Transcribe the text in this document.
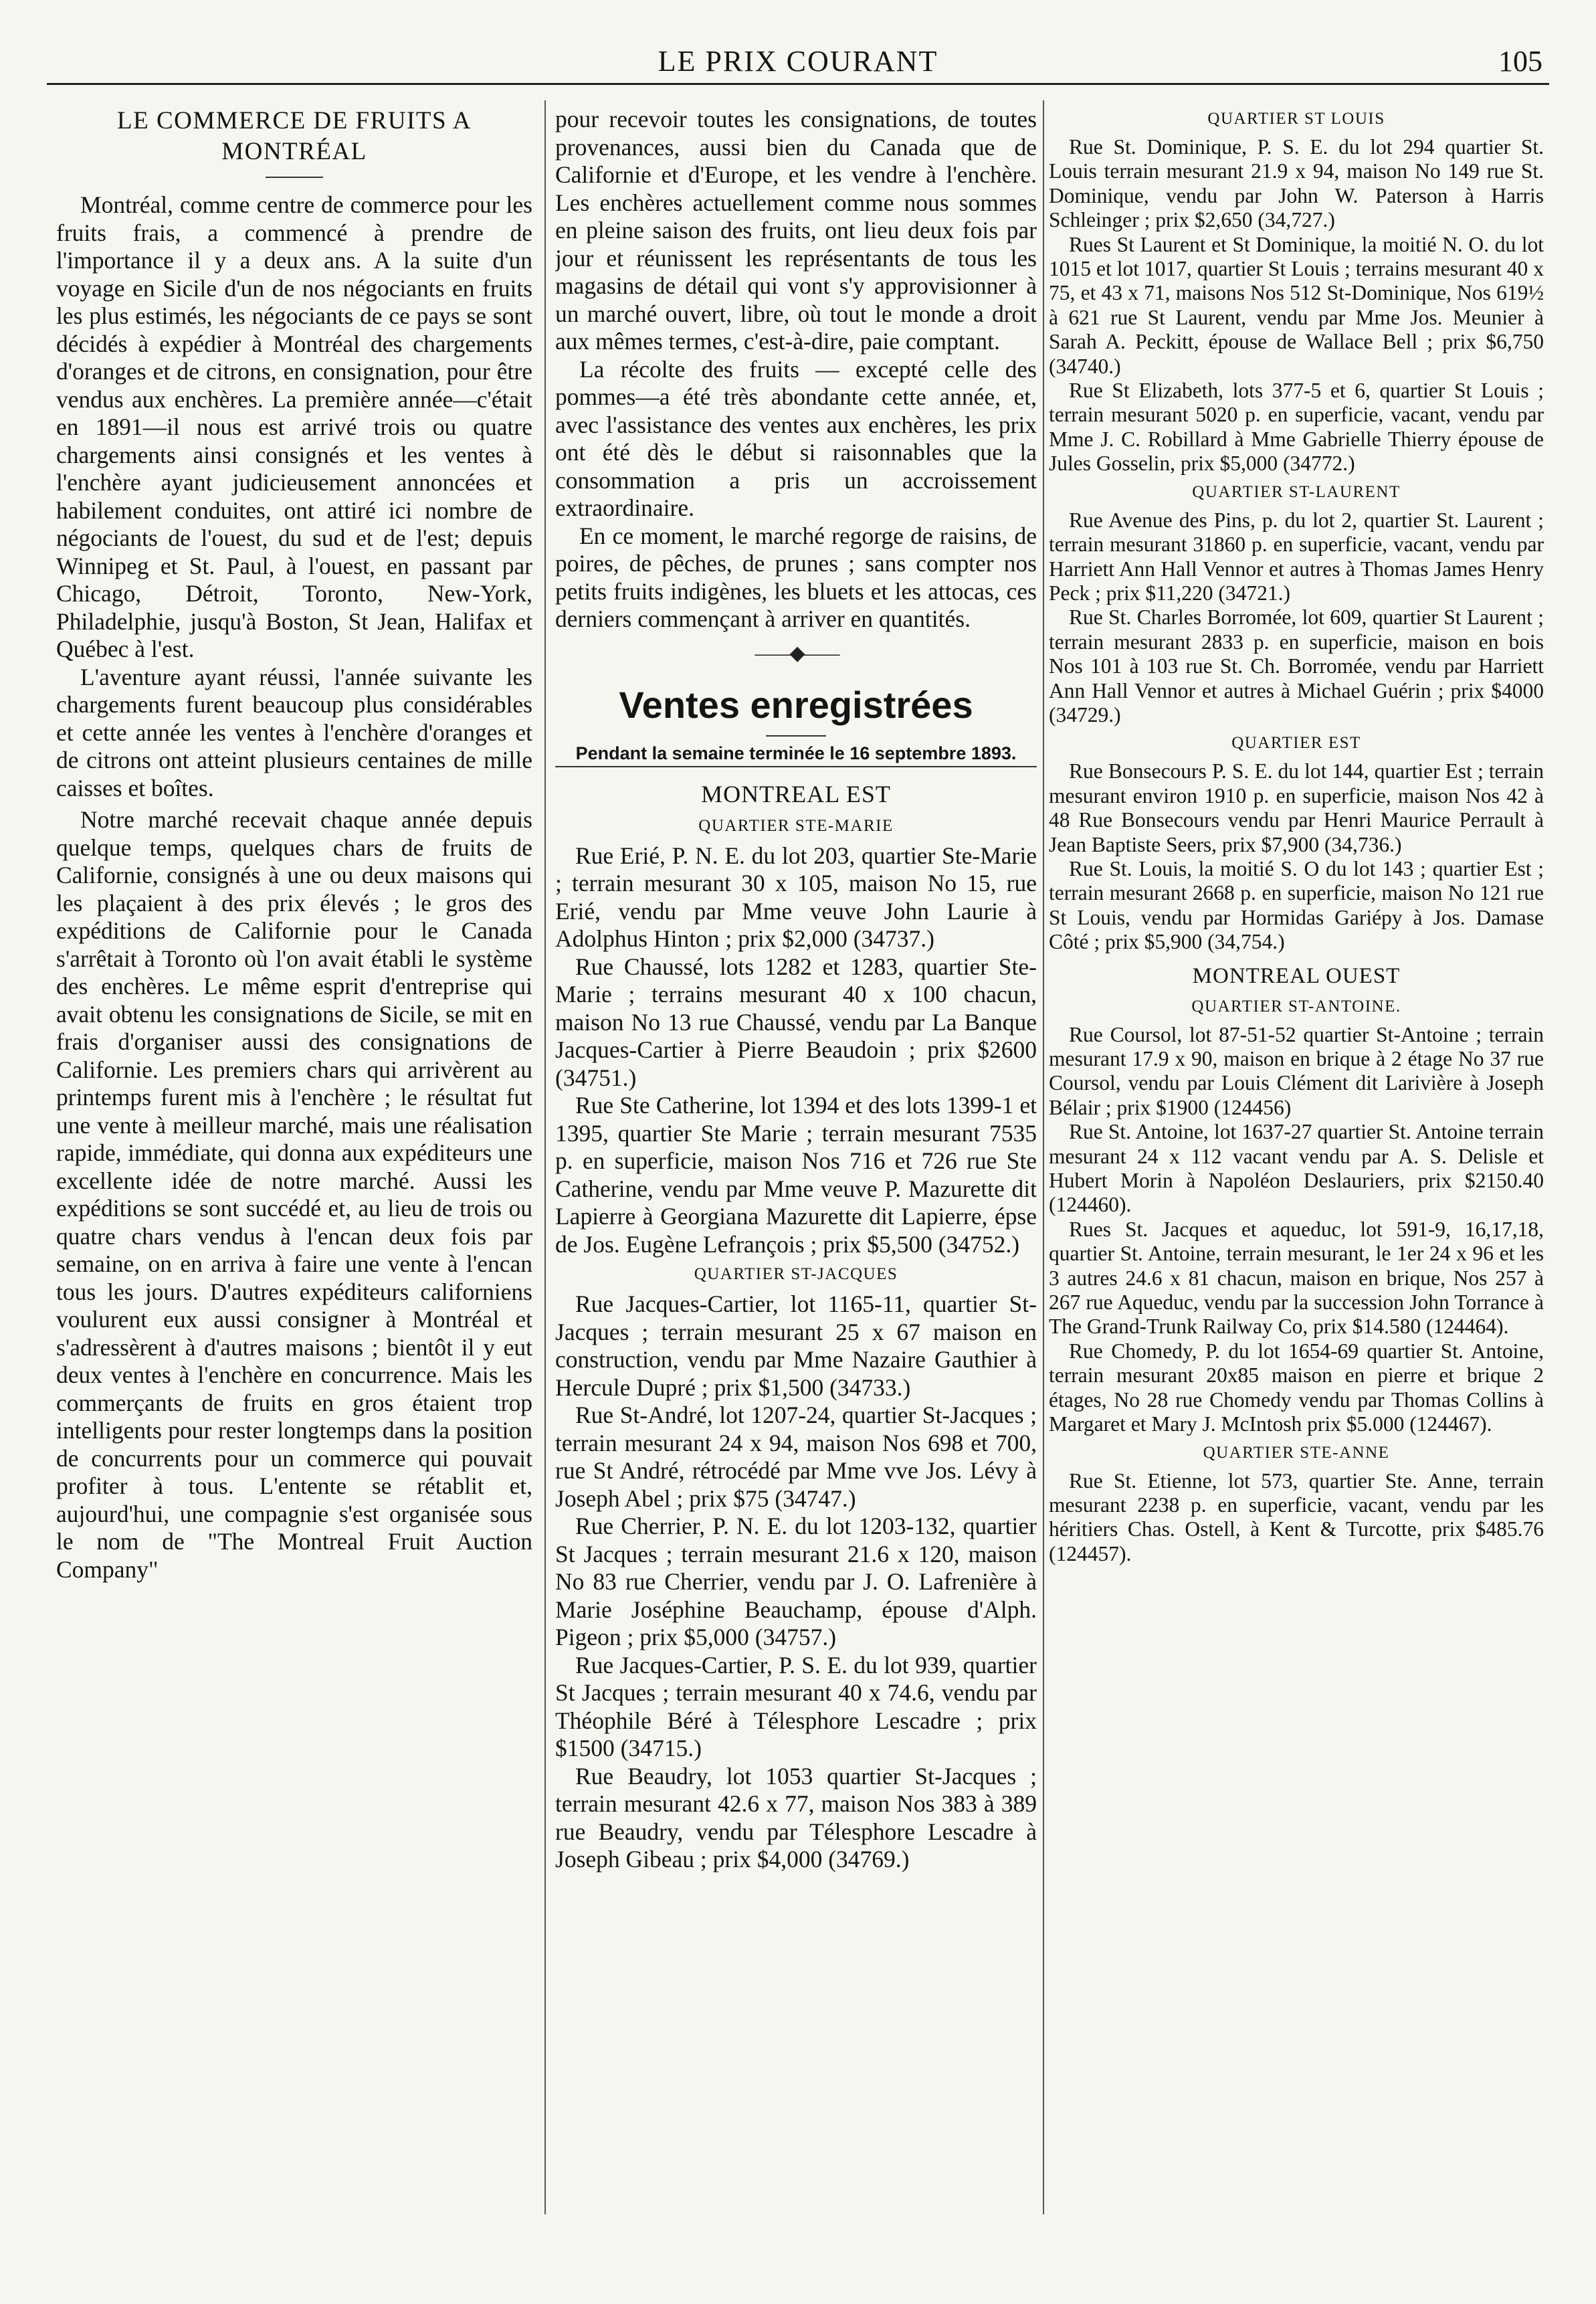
LE PRIX COURANT	105
LE COMMERCE DE FRUITS A MONTRÉAL

Montréal, comme centre de commerce pour les fruits frais, a commencé à prendre de l'importance il y a deux ans. A la suite d'un voyage en Sicile d'un de nos négociants en fruits les plus estimés, les négociants de ce pays se sont décidés à expédier à Montréal des chargements d'oranges et de citrons, en consignation, pour être vendus aux enchères. La première année—c'était en 1891—il nous est arrivé trois ou quatre chargements ainsi consignés et les ventes à l'enchère ayant judicieusement annoncées et habilement conduites, ont attiré ici nombre de négociants de l'ouest, du sud et de l'est; depuis Winnipeg et St. Paul, à l'ouest, en passant par Chicago, Détroit, Toronto, New-York, Philadelphie, jusqu'à Boston, St Jean, Halifax et Québec à l'est.

L'aventure ayant réussi, l'année suivante les chargements furent beaucoup plus considérables et cette année les ventes à l'enchère d'oranges et de citrons ont atteint plusieurs centaines de mille caisses et boîtes.

Notre marché recevait chaque année depuis quelque temps, quelques chars de fruits de Californie, consignés à une ou deux maisons qui les plaçaient à des prix élevés ; le gros des expéditions de Californie pour le Canada s'arrêtait à Toronto où l'on avait établi le système des enchères. Le même esprit d'entreprise qui avait obtenu les consignations de Sicile, se mit en frais d'organiser aussi des consignations de Californie. Les premiers chars qui arrivèrent au printemps furent mis à l'enchère ; le résultat fut une vente à meilleur marché, mais une réalisation rapide, immédiate, qui donna aux expéditeurs une excellente idée de notre marché. Aussi les expéditions se sont succédé et, au lieu de trois ou quatre chars vendus à l'encan deux fois par semaine, on en arriva à faire une vente à l'encan tous les jours. D'autres expéditeurs californiens voulurent eux aussi consigner à Montréal et s'adressèrent à d'autres maisons ; bientôt il y eut deux ventes à l'enchère en concurrence. Mais les commerçants de fruits en gros étaient trop intelligents pour rester longtemps dans la position de concurrents pour un commerce qui pouvait profiter à tous. L'entente se rétablit et, aujourd'hui, une compagnie s'est organisée sous le nom de "The Montreal Fruit Auction Company"

pour recevoir toutes les consignations, de toutes provenances, aussi bien du Canada que de Californie et d'Europe, et les vendre à l'enchère. Les enchères actuellement comme nous sommes en pleine saison des fruits, ont lieu deux fois par jour et réunissent les représentants de tous les magasins de détail qui vont s'y approvisionner à un marché ouvert, libre, où tout le monde a droit aux mêmes termes, c'est-à-dire, paie comptant.

La récolte des fruits — excepté celle des pommes—a été très abondante cette année, et, avec l'assistance des ventes aux enchères, les prix ont été dès le début si raisonnables que la consommation a pris un accroissement extraordinaire.

En ce moment, le marché regorge de raisins, de poires, de pêches, de prunes ; sans compter nos petits fruits indigènes, les bluets et les attocas, ces derniers commençant à arriver en quantités.

——◆——
Ventes enregistrées
Pendant la semaine terminée le 16 septembre 1893.
MONTREAL EST
QUARTIER STE-MARIE

Rue Erié, P. N. E. du lot 203, quartier Ste-Marie ; terrain mesurant 30 x 105, maison No 15, rue Erié, vendu par Mme veuve John Laurie à Adolphus Hinton ; prix $2,000 (34737.)

Rue Chaussé, lots 1282 et 1283, quartier Ste-Marie ; terrains mesurant 40 x 100 chacun, maison No 13 rue Chaussé, vendu par La Banque Jacques-Cartier à Pierre Beaudoin ; prix $2600 (34751.)

Rue Ste Catherine, lot 1394 et des lots 1399-1 et 1395, quartier Ste Marie ; terrain mesurant 7535 p. en superficie, maison Nos 716 et 726 rue Ste Catherine, vendu par Mme veuve P. Mazurette dit Lapierre à Georgiana Mazurette dit Lapierre, épse de Jos. Eugène Lefrançois ; prix $5,500 (34752.)

QUARTIER ST-JACQUES

Rue Jacques-Cartier, lot 1165-11, quartier St-Jacques ; terrain mesurant 25 x 67 maison en construction, vendu par Mme Nazaire Gauthier à Hercule Dupré ; prix $1,500 (34733.)

Rue St-André, lot 1207-24, quartier St-Jacques ; terrain mesurant 24 x 94, maison Nos 698 et 700, rue St André, rétrocédé par Mme vve Jos. Lévy à Joseph Abel ; prix $75 (34747.)

Rue Cherrier, P. N. E. du lot 1203-132, quartier St Jacques ; terrain mesurant 21.6 x 120, maison No 83 rue Cherrier, vendu par J. O. Lafrenière à Marie Joséphine Beauchamp, épouse d'Alph. Pigeon ; prix $5,000 (34757.)

Rue Jacques-Cartier, P. S. E. du lot 939, quartier St Jacques ; terrain mesurant 40 x 74.6, vendu par Théophile Béré à Télesphore Lescadre ; prix $1500 (34715.)

Rue Beaudry, lot 1053 quartier St-Jacques ; terrain mesurant 42.6 x 77, maison Nos 383 à 389 rue Beaudry, vendu par Télesphore Lescadre à Joseph Gibeau ; prix $4,000 (34769.)

QUARTIER ST LOUIS

Rue St. Dominique, P. S. E. du lot 294 quartier St. Louis terrain mesurant 21.9 x 94, maison No 149 rue St. Dominique, vendu par John W. Paterson à Harris Schleinger ; prix $2,650 (34,727.)

Rues St Laurent et St Dominique, la moitié N. O. du lot 1015 et lot 1017, quartier St Louis ; terrains mesurant 40 x 75, et 43 x 71, maisons Nos 512 St-Dominique, Nos 619½ à 621 rue St Laurent, vendu par Mme Jos. Meunier à Sarah A. Peckitt, épouse de Wallace Bell ; prix $6,750 (34740.)

Rue St Elizabeth, lots 377-5 et 6, quartier St Louis ; terrain mesurant 5020 p. en superficie, vacant, vendu par Mme J. C. Robillard à Mme Gabrielle Thierry épouse de Jules Gosselin, prix $5,000 (34772.)

QUARTIER ST-LAURENT

Rue Avenue des Pins, p. du lot 2, quartier St. Laurent ; terrain mesurant 31860 p. en superficie, vacant, vendu par Harriett Ann Hall Vennor et autres à Thomas James Henry Peck ; prix $11,220 (34721.)

Rue St. Charles Borromée, lot 609, quartier St Laurent ; terrain mesurant 2833 p. en superficie, maison en bois Nos 101 à 103 rue St. Ch. Borromée, vendu par Harriett Ann Hall Vennor et autres à Michael Guérin ; prix $4000 (34729.)

QUARTIER EST

Rue Bonsecours P. S. E. du lot 144, quartier Est ; terrain mesurant environ 1910 p. en superficie, maison Nos 42 à 48 Rue Bonsecours vendu par Henri Maurice Perrault à Jean Baptiste Seers, prix $7,900 (34,736.)

Rue St. Louis, la moitié S. O du lot 143 ; quartier Est ; terrain mesurant 2668 p. en superficie, maison No 121 rue St Louis, vendu par Hormidas Gariépy à Jos. Damase Côté ; prix $5,900 (34,754.)

MONTREAL OUEST
QUARTIER ST-ANTOINE.

Rue Coursol, lot 87-51-52 quartier St-Antoine ; terrain mesurant 17.9 x 90, maison en brique à 2 étage No 37 rue Coursol, vendu par Louis Clément dit Larivière à Joseph Bélair ; prix $1900 (124456)

Rue St. Antoine, lot 1637-27 quartier St. Antoine terrain mesurant 24 x 112 vacant vendu par A. S. Delisle et Hubert Morin à Napoléon Deslauriers, prix $2150.40 (124460).

Rues St. Jacques et aqueduc, lot 591-9, 16,17,18, quartier St. Antoine, terrain mesurant, le 1er 24 x 96 et les 3 autres 24.6 x 81 chacun, maison en brique, Nos 257 à 267 rue Aqueduc, vendu par la succession John Torrance à The Grand-Trunk Railway Co, prix $14.580 (124464).

Rue Chomedy, P. du lot 1654-69 quartier St. Antoine, terrain mesurant 20x85 maison en pierre et brique 2 étages, No 28 rue Chomedy vendu par Thomas Collins à Margaret et Mary J. McIntosh prix $5.000 (124467).

QUARTIER STE-ANNE

Rue St. Etienne, lot 573, quartier Ste. Anne, terrain mesurant 2238 p. en superficie, vacant, vendu par les héritiers Chas. Ostell, à Kent & Turcotte, prix $485.76 (124457).
